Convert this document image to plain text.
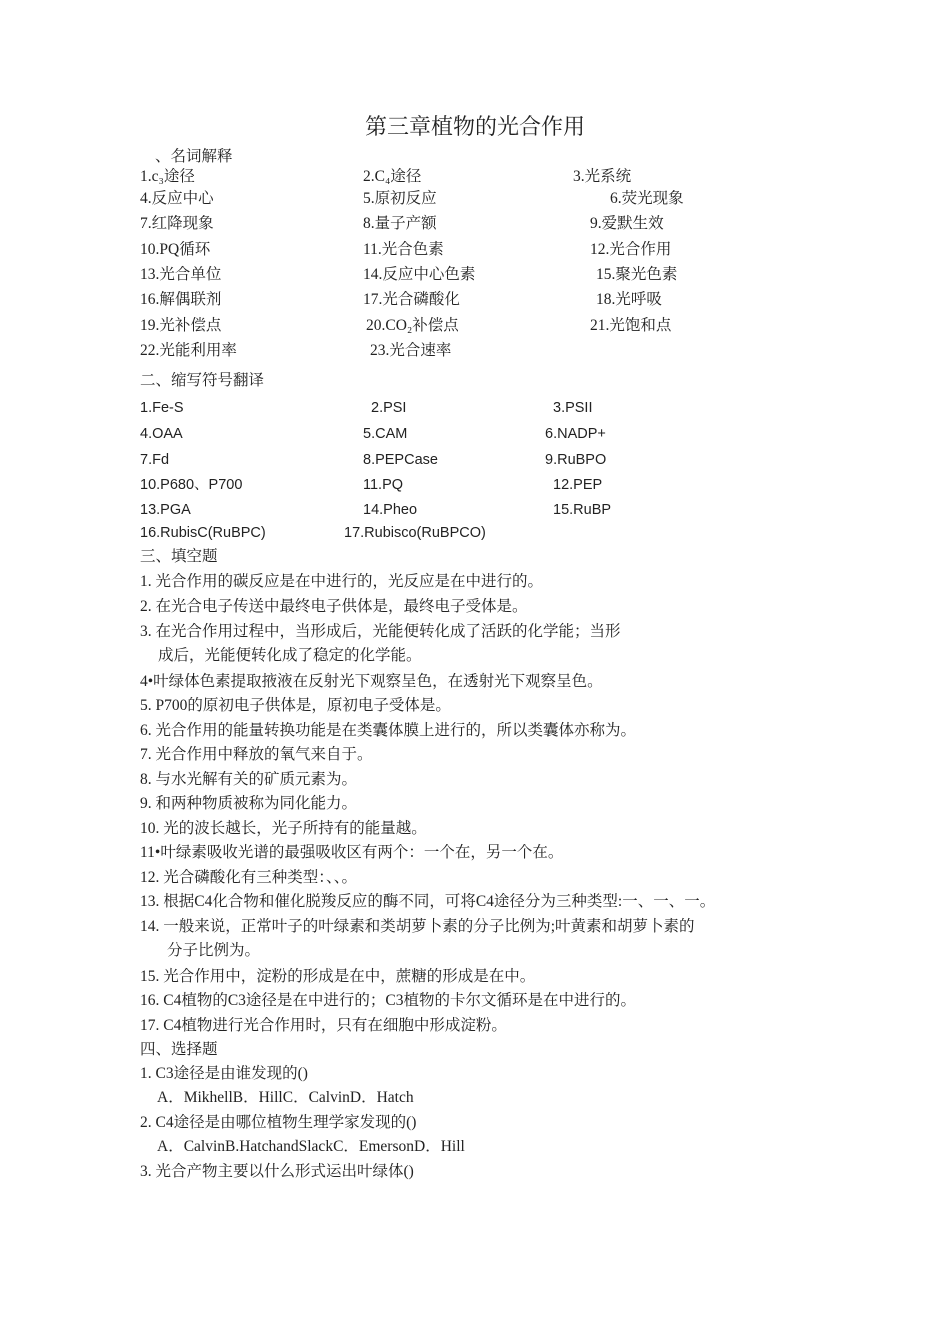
第三章植物的光合作用
、名词解释
1.c₃途径	2.C₄途径	3.光系统
4.反应中心	5.原初反应	6.荧光现象
7.红降现象	8.量子产额	9.爱默生效
10.PQ循环	11.光合色素	12.光合作用
13.光合单位	14.反应中心色素	15.聚光色素
16.解偶联剂	17.光合磷酸化	18.光呼吸
19.光补偿点	20.CO₂补偿点	21.光饱和点
22.光能利用率	23.光合速率
二、缩写符号翻译
1.Fe-S	2.PSI	3.PSII
4.OAA	5.CAM	6.NADP+
7.Fd	8.PEPCase	9.RuBPO
10.P680、P700	11.PQ	12.PEP
13.PGA	14.Pheo	15.RuBP
16.RubisC(RuBPC)	17.Rubisco(RuBPCO)
三、填空题
1. 光合作用的碳反应是在中进行的，光反应是在中进行的。
2. 在光合电子传送中最终电子供体是，最终电子受体是。
3. 在光合作用过程中，当形成后，光能便转化成了活跃的化学能；当形
成后，光能便转化成了稳定的化学能。
4•叶绿体色素提取掖液在反射光下观察呈色，在透射光下观察呈色。
5. P700的原初电子供体是，原初电子受体是。
6. 光合作用的能量转换功能是在类囊体膜上进行的，所以类囊体亦称为。
7. 光合作用中释放的氧气来自于。
8. 与水光解有关的矿质元素为。
9. 和两种物质被称为同化能力。
10. 光的波长越长，光子所持有的能量越。
11•叶绿素吸收光谱的最强吸收区有两个：一个在，另一个在。
12. 光合磷酸化有三种类型：、、。
13. 根据C4化合物和催化脱羧反应的酶不同，可将C4途径分为三种类型:一、一、一。
14. 一般来说，正常叶子的叶绿素和类胡萝卜素的分子比例为;叶黄素和胡萝卜素的
分子比例为。
15. 光合作用中，淀粉的形成是在中，蔗糖的形成是在中。
16. C4植物的C3途径是在中进行的；C3植物的卡尔文循环是在中进行的。
17. C4植物进行光合作用时，只有在细胞中形成淀粉。
四、选择题
1. C3途径是由谁发现的()
A．MikhellB．HillC．CalvinD．Hatch
2. C4途径是由哪位植物生理学家发现的()
A．CalvinB.HatchandSlackC．EmersonD．Hill
3. 光合产物主要以什么形式运出叶绿体()
